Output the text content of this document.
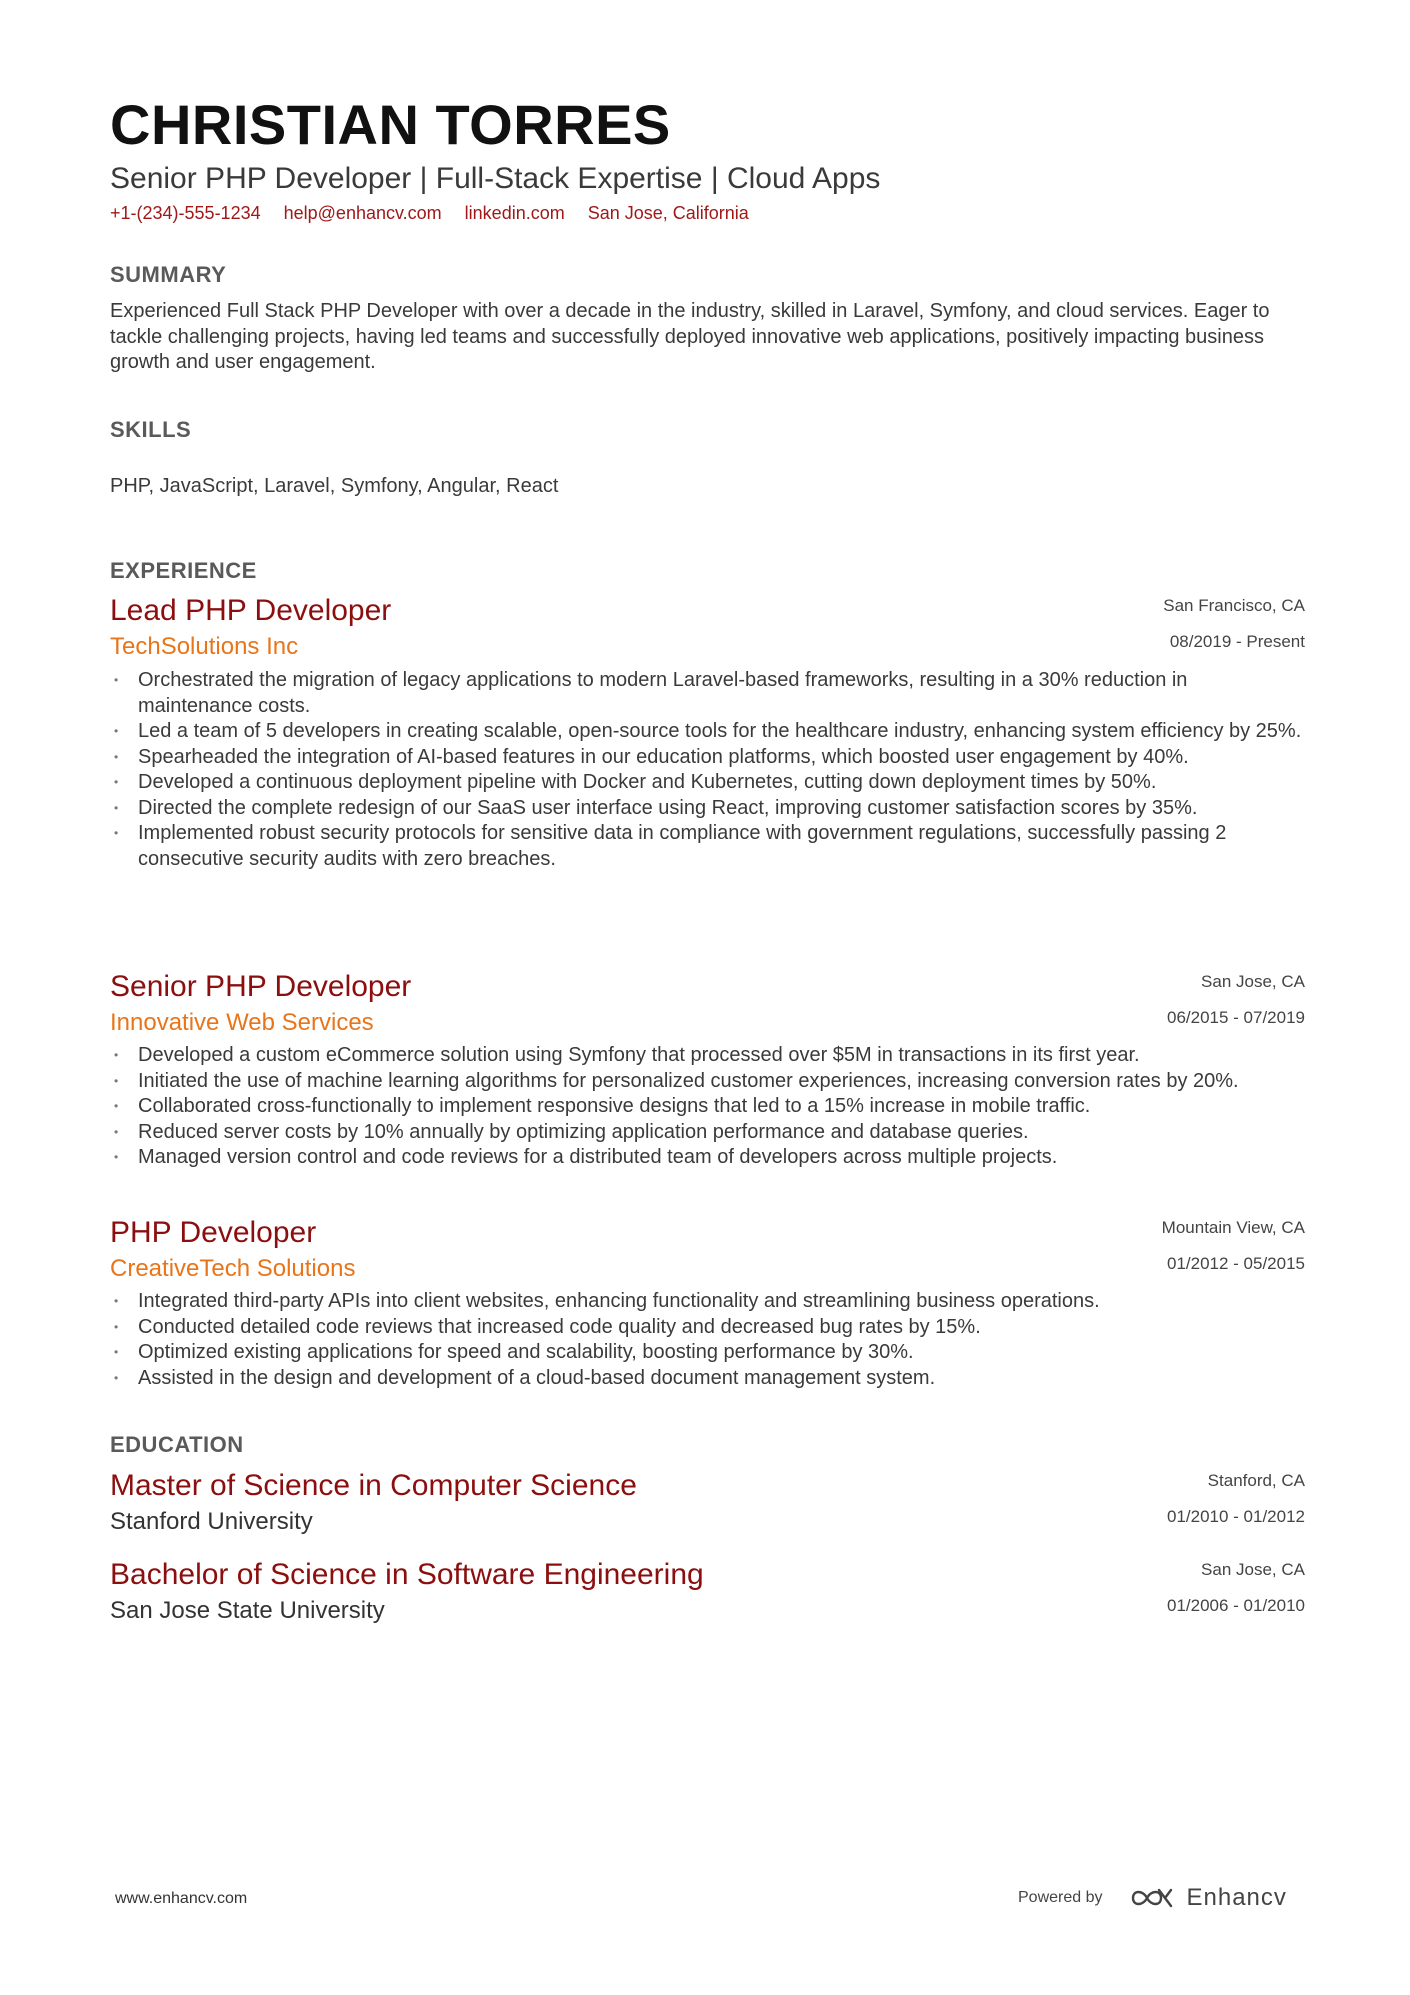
CHRISTIAN TORRES
Senior PHP Developer | Full-Stack Expertise | Cloud Apps
+1-(234)-555-1234 help@enhancv.com linkedin.com San Jose, California
SUMMARY
Experienced Full Stack PHP Developer with over a decade in the industry, skilled in Laravel, Symfony, and cloud services. Eager to tackle challenging projects, having led teams and successfully deployed innovative web applications, positively impacting business growth and user engagement.
SKILLS
PHP, JavaScript, Laravel, Symfony, Angular, React
EXPERIENCE
Lead PHP Developer	San Francisco, CA
TechSolutions Inc	08/2019 - Present
• Orchestrated the migration of legacy applications to modern Laravel-based frameworks, resulting in a 30% reduction in maintenance costs.
• Led a team of 5 developers in creating scalable, open-source tools for the healthcare industry, enhancing system efficiency by 25%.
• Spearheaded the integration of AI-based features in our education platforms, which boosted user engagement by 40%.
• Developed a continuous deployment pipeline with Docker and Kubernetes, cutting down deployment times by 50%.
• Directed the complete redesign of our SaaS user interface using React, improving customer satisfaction scores by 35%.
• Implemented robust security protocols for sensitive data in compliance with government regulations, successfully passing 2 consecutive security audits with zero breaches.
Senior PHP Developer	San Jose, CA
Innovative Web Services	06/2015 - 07/2019
• Developed a custom eCommerce solution using Symfony that processed over $5M in transactions in its first year.
• Initiated the use of machine learning algorithms for personalized customer experiences, increasing conversion rates by 20%.
• Collaborated cross-functionally to implement responsive designs that led to a 15% increase in mobile traffic.
• Reduced server costs by 10% annually by optimizing application performance and database queries.
• Managed version control and code reviews for a distributed team of developers across multiple projects.
PHP Developer	Mountain View, CA
CreativeTech Solutions	01/2012 - 05/2015
• Integrated third-party APIs into client websites, enhancing functionality and streamlining business operations.
• Conducted detailed code reviews that increased code quality and decreased bug rates by 15%.
• Optimized existing applications for speed and scalability, boosting performance by 30%.
• Assisted in the design and development of a cloud-based document management system.
EDUCATION
Master of Science in Computer Science	Stanford, CA
Stanford University	01/2010 - 01/2012
Bachelor of Science in Software Engineering	San Jose, CA
San Jose State University	01/2006 - 01/2010
www.enhancv.com	Powered by	Enhancv
